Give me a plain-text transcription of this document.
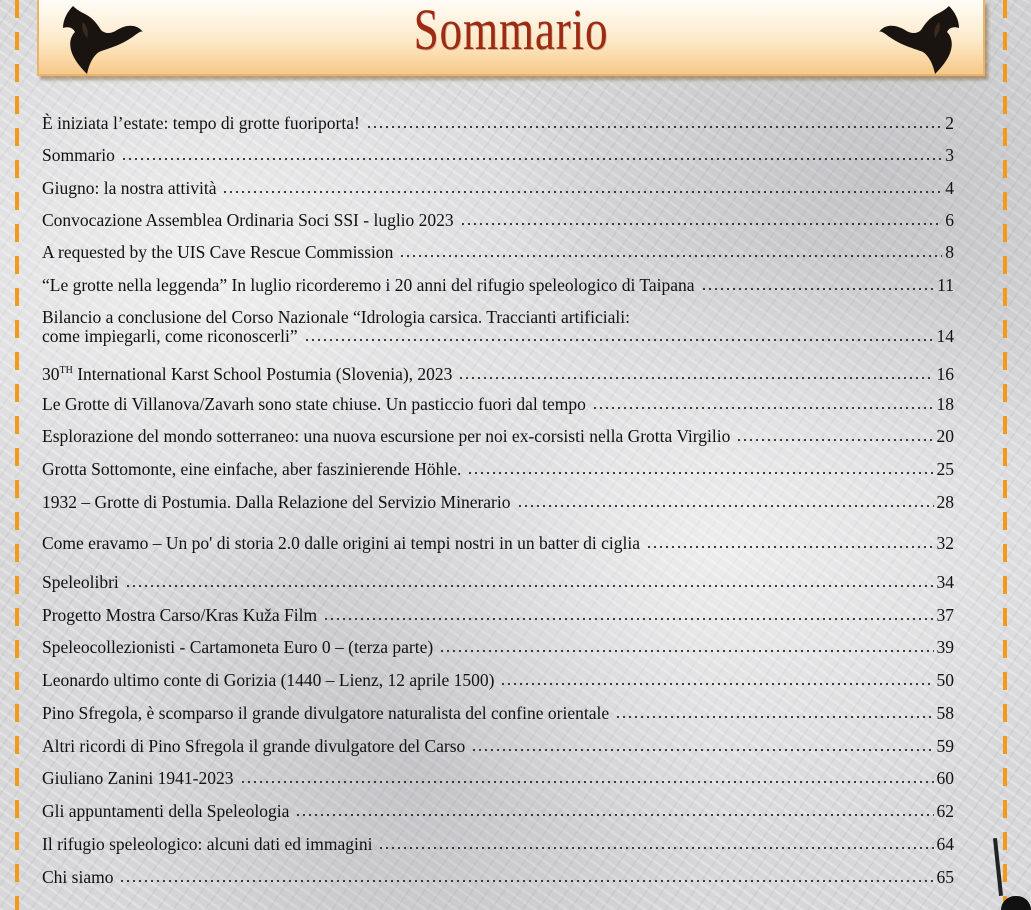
Sommario
È iniziata l’estate: tempo di grotte fuoriporta!	2
Sommario	3
Giugno: la nostra attività	4
Convocazione Assemblea Ordinaria Soci SSI - luglio 2023	6
A requested by the UIS Cave Rescue Commission	8
“Le grotte nella leggenda” In luglio ricorderemo i 20 anni del rifugio speleologico di Taipana	11
Bilancio a conclusione del Corso Nazionale “Idrologia carsica. Traccianti artificiali:
come impiegarli, come riconoscerli”	14
30TH International Karst School Postumia (Slovenia), 2023	16
Le Grotte di Villanova/Zavarh sono state chiuse. Un pasticcio fuori dal tempo	18
Esplorazione del mondo sotterraneo: una nuova escursione per noi ex-corsisti nella Grotta Virgilio	20
Grotta Sottomonte, eine einfache, aber faszinierende Höhle.	25
1932 – Grotte di Postumia. Dalla Relazione del Servizio Minerario	28
Come eravamo – Un po' di storia 2.0 dalle origini ai tempi nostri in un batter di ciglia	32
Speleolibri	34
Progetto Mostra Carso/Kras Kuža Film	37
Speleocollezionisti - Cartamoneta Euro 0 – (terza parte)	39
Leonardo ultimo conte di Gorizia (1440 – Lienz, 12 aprile 1500)	50
Pino Sfregola, è scomparso il grande divulgatore naturalista del confine orientale	58
Altri ricordi di Pino Sfregola il grande divulgatore del Carso	59
Giuliano Zanini 1941-2023	60
Gli appuntamenti della Speleologia	62
Il rifugio speleologico: alcuni dati ed immagini	64
Chi siamo	65
